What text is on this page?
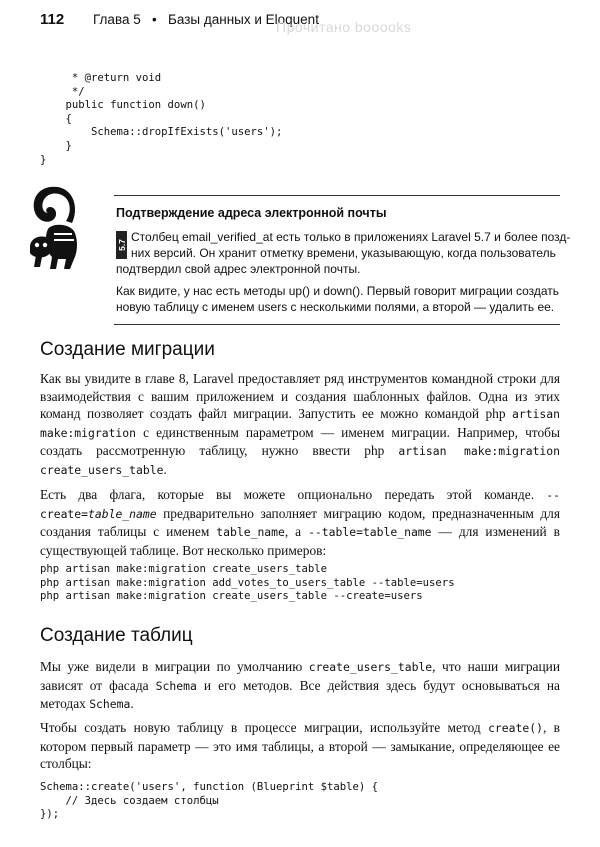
112 Глава 5 • Базы данных и Eloquent
Прочитано booooks
* @return void
*/
public function down()
{
Schema::dropIfExists('users');
}
}
Подтверждение адреса электронной почты
5.7
Столбец email_verified_at есть только в приложениях Laravel 5.7 и более позд-
них версий. Он хранит отметку времени, указывающую, когда пользователь
подтвердил свой адрес электронной почты.
Как видите, у нас есть методы up() и down(). Первый говорит миграции создать
новую таблицу с именем users с несколькими полями, а второй — удалить ее.
Создание миграции

Как вы увидите в главе 8, Laravel предоставляет ряд инструментов командной строки для взаимодействия с вашим приложением и создания шаблонных файлов. Одна из этих команд позволяет создать файл миграции. Запустить ее можно командой php artisan make:migration с единственным параметром — именем миграции. Например, чтобы создать рассмотренную таблицу, нужно ввести php artisan make:migration create_users_table.

Есть два флага, которые вы можете опционально передать этой команде. --create=table_name предварительно заполняет миграцию кодом, предназначенным для создания таблицы с именем table_name, а --table=table_name — для изменений в существующей таблице. Вот несколько примеров:

php artisan make:migration create_users_table
php artisan make:migration add_votes_to_users_table --table=users
php artisan make:migration create_users_table --create=users
Создание таблиц

Мы уже видели в миграции по умолчанию create_users_table, что наши миграции зависят от фасада Schema и его методов. Все действия здесь будут основываться на методах Schema.

Чтобы создать новую таблицу в процессе миграции, используйте метод create(), в котором первый параметр — это имя таблицы, а второй — замыкание, определяющее ее столбцы:

Schema::create('users', function (Blueprint $table) {
// Здесь создаем столбцы
});
